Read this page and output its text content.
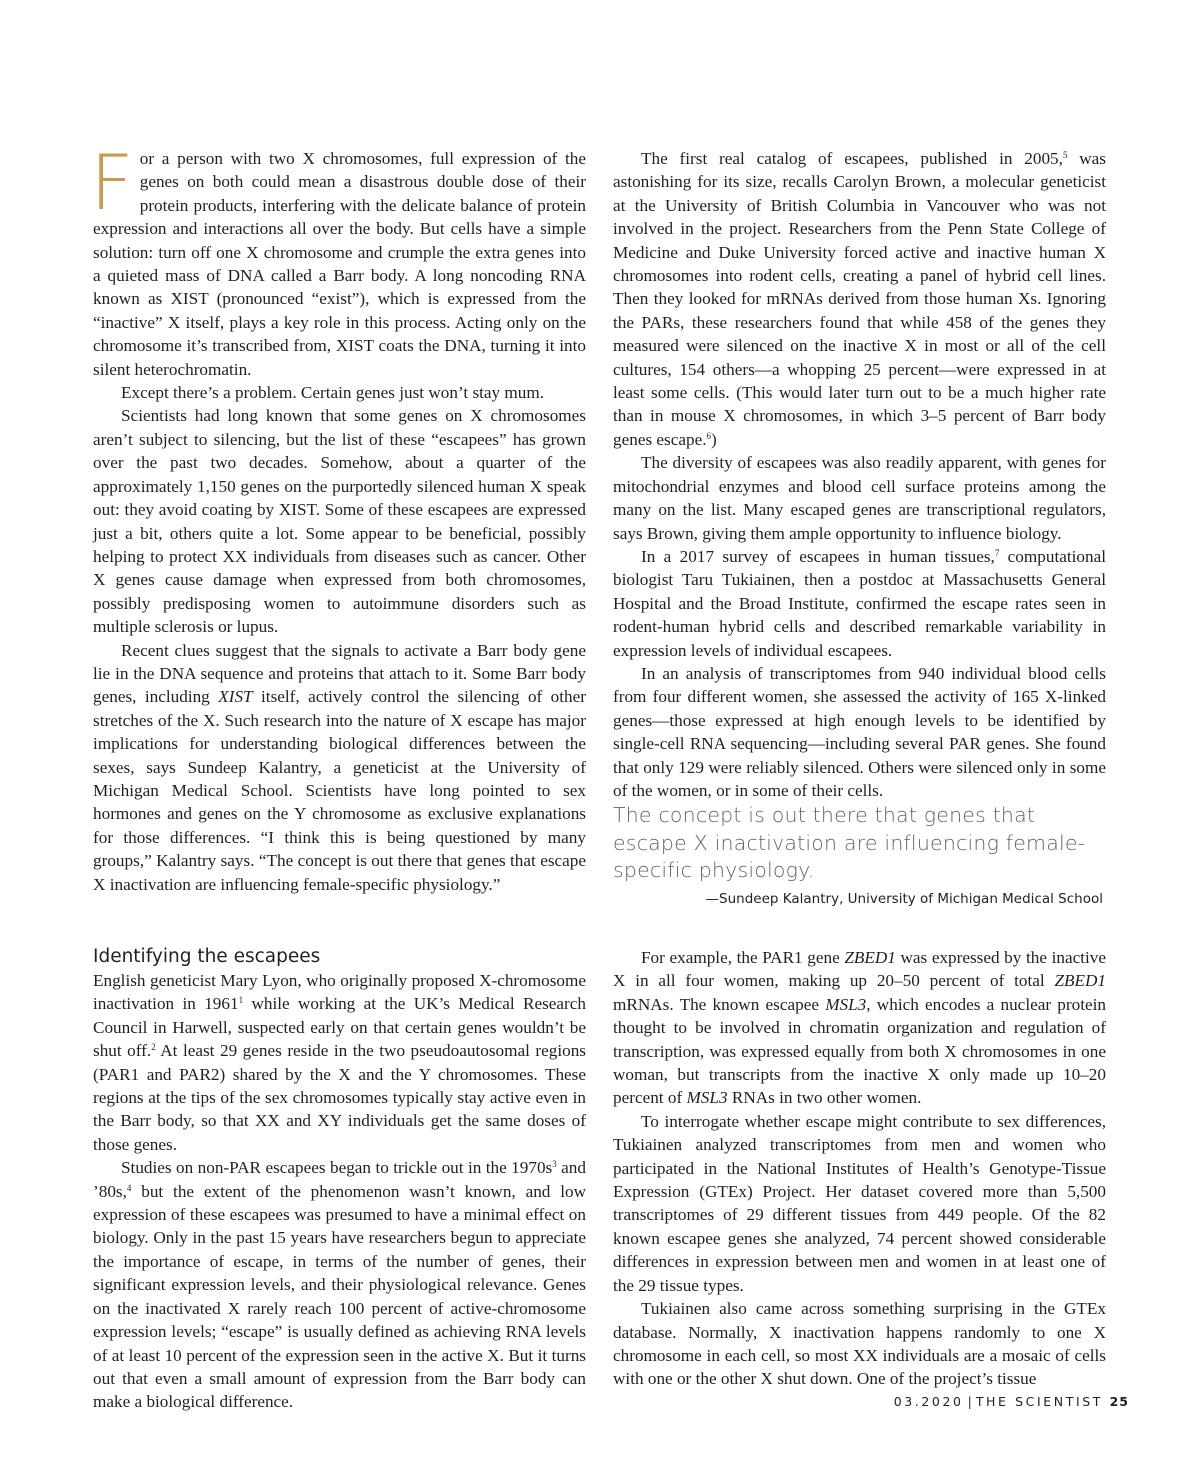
For a person with two X chromosomes, full expression of the genes on both could mean a disastrous double dose of their protein products, interfering with the delicate balance of protein expression and interactions all over the body. But cells have a simple solution: turn off one X chromosome and crumple the extra genes into a quieted mass of DNA called a Barr body. A long noncoding RNA known as XIST (pronounced “exist”), which is expressed from the “inactive” X itself, plays a key role in this process. Acting only on the chromosome it’s transcribed from, XIST coats the DNA, turning it into silent heterochromatin.

Except there’s a problem. Certain genes just won’t stay mum.

Scientists had long known that some genes on X chromosomes aren’t subject to silencing, but the list of these “escapees” has grown over the past two decades. Somehow, about a quarter of the approximately 1,150 genes on the purportedly silenced human X speak out: they avoid coating by XIST. Some of these escapees are expressed just a bit, others quite a lot. Some appear to be beneficial, possibly helping to protect XX individuals from diseases such as cancer. Other X genes cause damage when expressed from both chromosomes, possibly predisposing women to autoimmune disorders such as multiple sclerosis or lupus.

Recent clues suggest that the signals to activate a Barr body gene lie in the DNA sequence and proteins that attach to it. Some Barr body genes, including XIST itself, actively control the silencing of other stretches of the X. Such research into the nature of X escape has major implications for understanding biological differences between the sexes, says Sundeep Kalantry, a geneticist at the University of Michigan Medical School. Scientists have long pointed to sex hormones and genes on the Y chromosome as exclusive explanations for those differences. “I think this is being questioned by many groups,” Kalantry says. “The concept is out there that genes that escape X inactivation are influencing female-specific physiology.”

Identifying the escapees

English geneticist Mary Lyon, who originally proposed X-chromosome inactivation in 1961$^1$ while working at the UK’s Medical Research Council in Harwell, suspected early on that certain genes wouldn’t be shut off.$^2$ At least 29 genes reside in the two pseudoautosomal regions (PAR1 and PAR2) shared by the X and the Y chromosomes. These regions at the tips of the sex chromosomes typically stay active even in the Barr body, so that XX and XY individuals get the same doses of those genes.

Studies on non-PAR escapees began to trickle out in the $1970s^3$ and ’80s,$^4$ but the extent of the phenomenon wasn’t known, and low expression of these escapees was presumed to have a minimal effect on biology. Only in the past 15 years have researchers begun to appreciate the importance of escape, in terms of the number of genes, their significant expression levels, and their physiological relevance. Genes on the inactivated X rarely reach 100 percent of active-chromosome expression levels; “escape” is usually defined as achieving RNA levels of at least 10 percent of the expression seen in the active X. But it turns out that even a small amount of expression from the Barr body can make a biological difference.

The first real catalog of escapees, published in 2005,$^5$ was astonishing for its size, recalls Carolyn Brown, a molecular geneticist at the University of British Columbia in Vancouver who was not involved in the project. Researchers from the Penn State College of Medicine and Duke University forced active and inactive human X chromosomes into rodent cells, creating a panel of hybrid cell lines. Then they looked for mRNAs derived from those human Xs. Ignoring the PARs, these researchers found that while 458 of the genes they measured were silenced on the inactive X in most or all of the cell cultures, 154 others—a whopping 25 percent—were expressed in at least some cells. (This would later turn out to be a much higher rate than in mouse X chromosomes, in which 3–5 percent of Barr body genes escape.$^6$)

The diversity of escapees was also readily apparent, with genes for mitochondrial enzymes and blood cell surface proteins among the many on the list. Many escaped genes are transcriptional regulators, says Brown, giving them ample opportunity to influence biology.

In a 2017 survey of escapees in human tissues,$^7$ computational biologist Taru Tukiainen, then a postdoc at Massachusetts General Hospital and the Broad Institute, confirmed the escape rates seen in rodent-human hybrid cells and described remarkable variability in expression levels of individual escapees.

In an analysis of transcriptomes from 940 individual blood cells from four different women, she assessed the activity of 165 X-linked genes—those expressed at high enough levels to be identified by single-cell RNA sequencing—including several PAR genes. She found that only 129 were reliably silenced. Others were silenced only in some of the women, or in some of their cells.

The concept is out there that genes that escape X inactivation are influencing female-specific physiology.
—Sundeep Kalantry, University of Michigan Medical School

For example, the PAR1 gene ZBED1 was expressed by the inactive X in all four women, making up 20–50 percent of total ZBED1 mRNAs. The known escapee MSL3, which encodes a nuclear protein thought to be involved in chromatin organization and regulation of transcription, was expressed equally from both X chromosomes in one woman, but transcripts from the inactive X only made up 10–20 percent of MSL3 RNAs in two other women.

To interrogate whether escape might contribute to sex differences, Tukiainen analyzed transcriptomes from men and women who participated in the National Institutes of Health’s Genotype-Tissue Expression (GTEx) Project. Her dataset covered more than 5,500 transcriptomes of 29 different tissues from 449 people. Of the 82 known escapee genes she analyzed, 74 percent showed considerable differences in expression between men and women in at least one of the 29 tissue types.

Tukiainen also came across something surprising in the GTEx database. Normally, X inactivation happens randomly to one X chromosome in each cell, so most XX individuals are a mosaic of cells with one or the other X shut down. One of the project’s tissue

03.2020 | THE SCIENTIST 25
